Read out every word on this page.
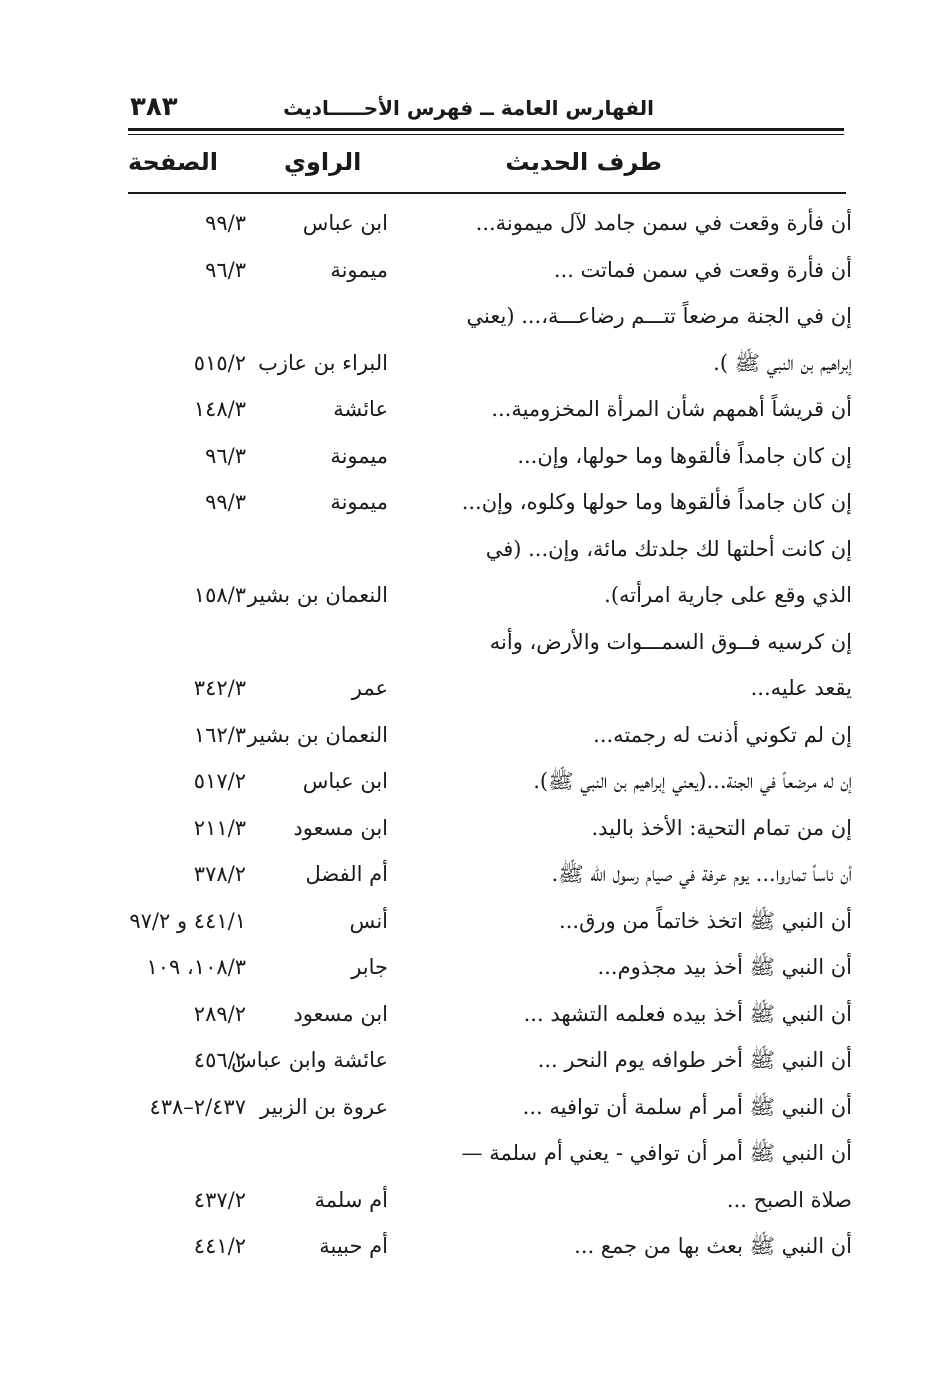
الفهارس العامة ــ فهرس الأحـــــاديث
٣٨٣
طرف الحديث
الراوي
الصفحة
أن فأرة وقعت في سمن جامد لآل ميمونة...
ابن عباس
٩٩/٣
أن فأرة وقعت في سمن فماتت ...
ميمونة
٩٦/٣
إن في الجنة مرضعاً تتـــم رضاعـــة،... (يعني
إبراهيم بن النبي ﷺ ).
البراء بن عازب
٥١٥/٢
أن قريشاً أهمهم شأن المرأة المخزومية...
عائشة
١٤٨/٣
إن كان جامداً فألقوها وما حولها، وإن...
ميمونة
٩٦/٣
إن كان جامداً فألقوها وما حولها وكلوه، وإن...
ميمونة
٩٩/٣
إن كانت أحلتها لك جلدتك مائة، وإن... (في
الذي وقع على جارية امرأته).
النعمان بن بشير
١٥٨/٣
إن كرسيه فــوق السمـــوات والأرض، وأنه
يقعد عليه...
عمر
٣٤٢/٣
إن لم تكوني أذنت له رجمته...
النعمان بن بشير
١٦٢/٣
إن له مرضعاً في الجنة...(يعني إبراهيم بن النبي ﷺ).
ابن عباس
٥١٧/٢
إن من تمام التحية: الأخذ باليد.
ابن مسعود
٢١١/٣
أن ناساً تماروا... يوم عرفة في صيام رسول الله ﷺ.
أم الفضل
٣٧٨/٢
أن النبي ﷺ اتخذ خاتماً من ورق...
أنس
٤٤١/١ و ٩٧/٢
أن النبي ﷺ أخذ بيد مجذوم...
جابر
١٠٨/٣، ١٠٩
أن النبي ﷺ أخذ بيده فعلمه التشهد ...
ابن مسعود
٢٨٩/٢
أن النبي ﷺ أخر طوافه يوم النحر ...
عائشة وابن عباس
٤٥٦/٢
أن النبي ﷺ أمر أم سلمة أن توافيه ...
عروة بن الزبير
٢/٤٣٧–٤٣٨
أن النبي ﷺ أمر أن توافي - يعني أم سلمة —
صلاة الصبح ...
أم سلمة
٤٣٧/٢
أن النبي ﷺ بعث بها من جمع ...
أم حبيبة
٤٤١/٢
